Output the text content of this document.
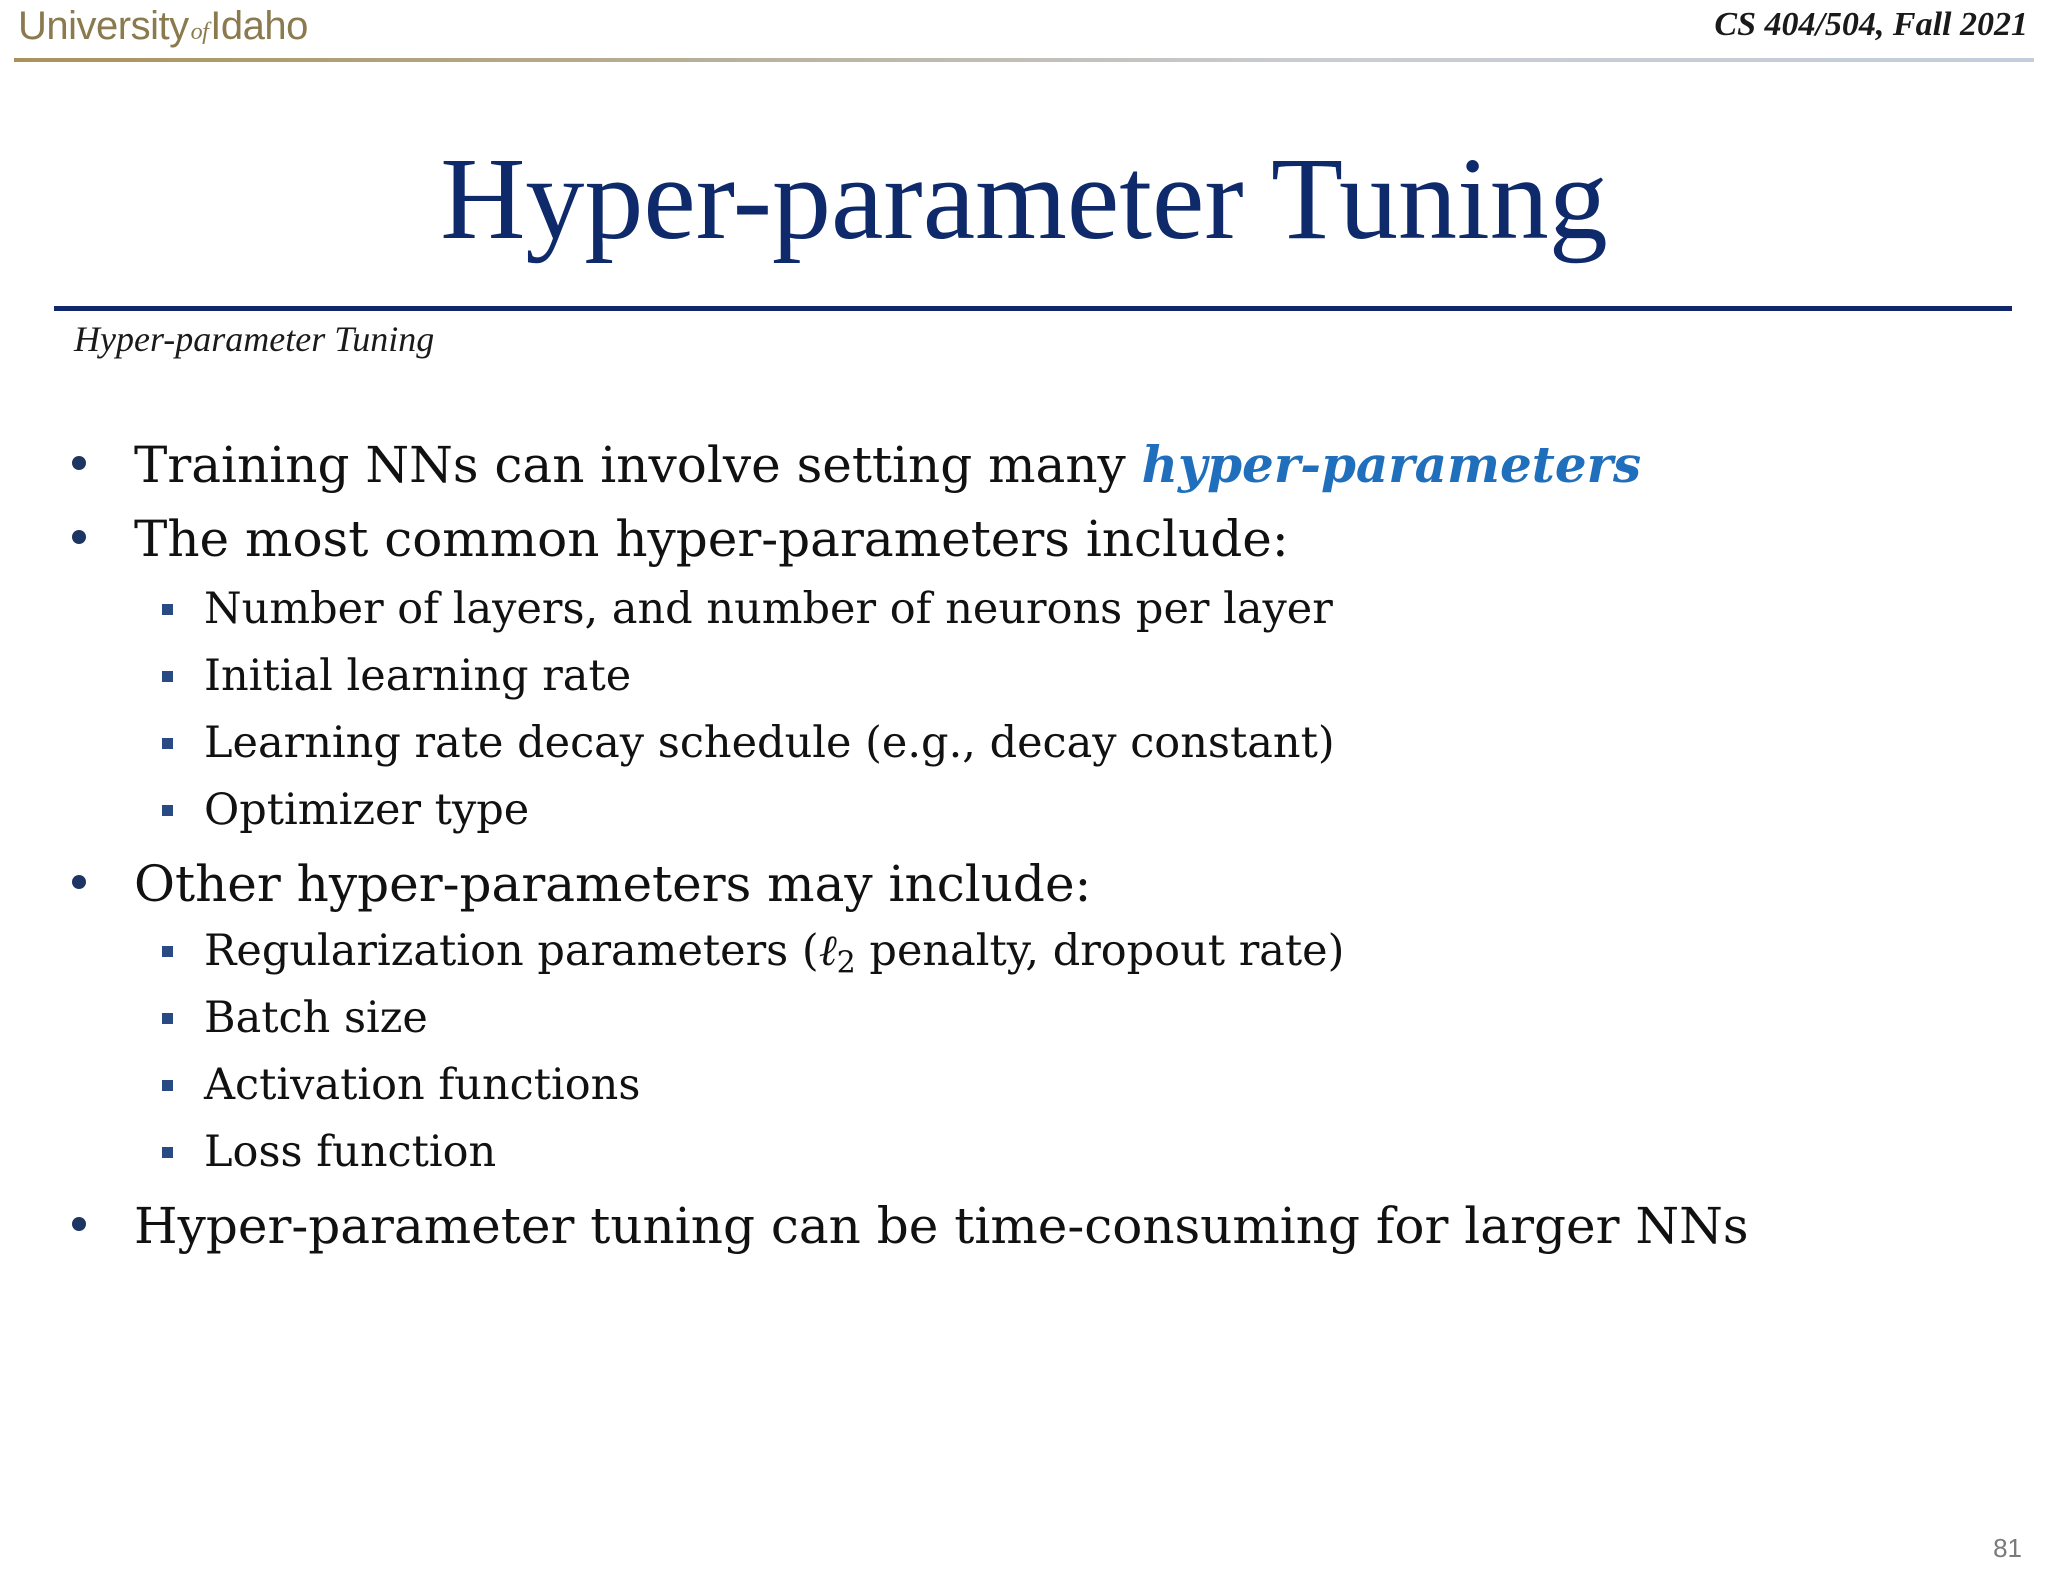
UniversityofIdaho	CS 404/504, Fall 2021
Hyper-parameter Tuning
Hyper-parameter Tuning
Training NNs can involve setting many hyper-parameters
The most common hyper-parameters include:
Number of layers, and number of neurons per layer
Initial learning rate
Learning rate decay schedule (e.g., decay constant)
Optimizer type
Other hyper-parameters may include:
Regularization parameters (ℓ$_2$ penalty, dropout rate)
Batch size
Activation functions
Loss function
Hyper-parameter tuning can be time-consuming for larger NNs
81
